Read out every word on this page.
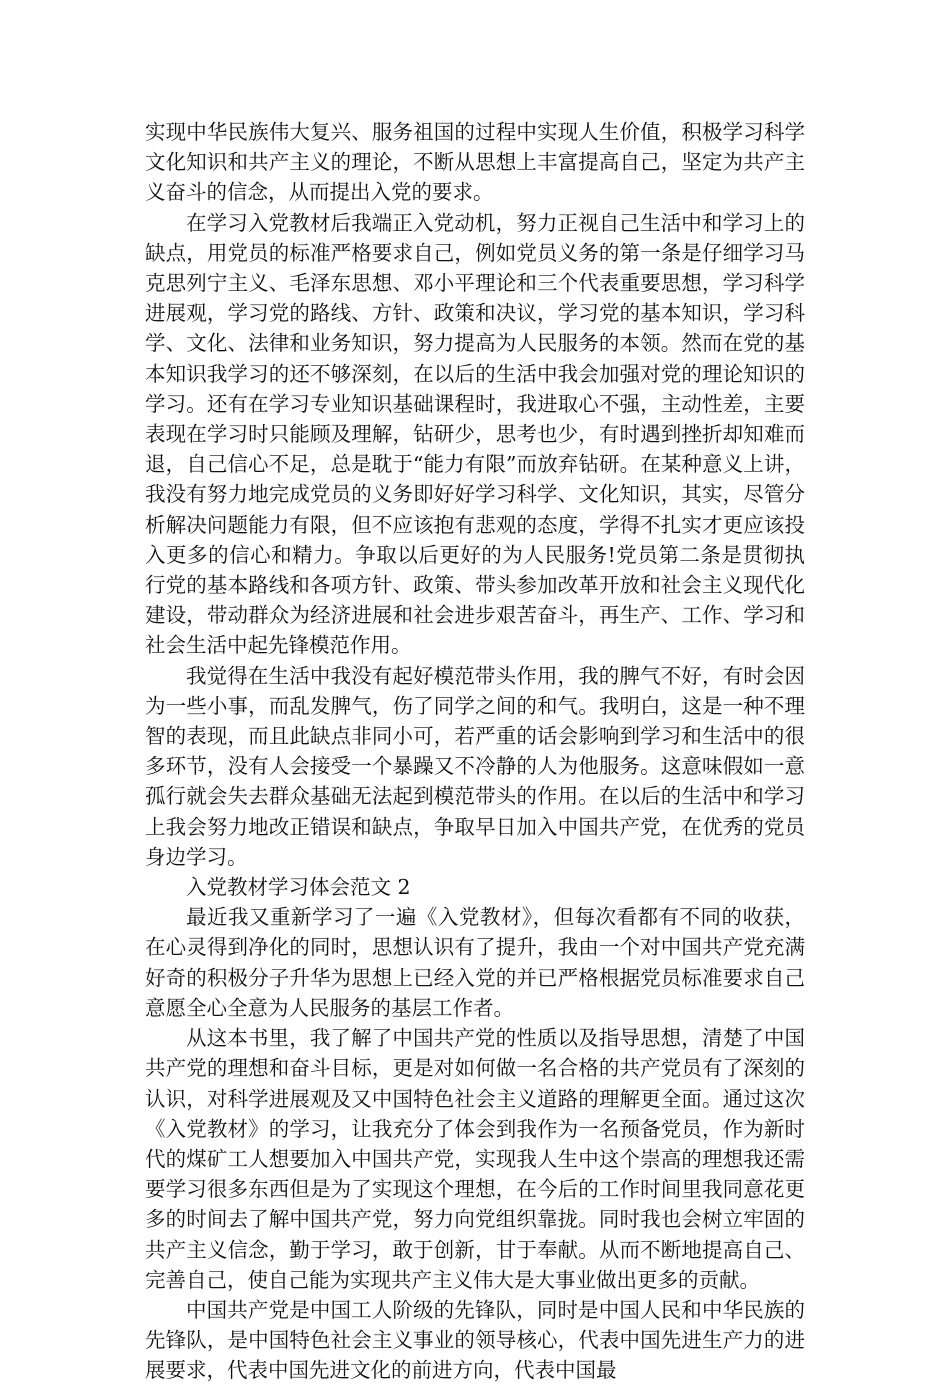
实现中华民族伟大复兴、服务祖国的过程中实现人生价值，积极学习科学文化知识和共产主义的理论，不断从思想上丰富提高自己，坚定为共产主义奋斗的信念，从而提出入党的要求。

在学习入党教材后我端正入党动机，努力正视自己生活中和学习上的缺点，用党员的标准严格要求自己，例如党员义务的第一条是仔细学习马克思列宁主义、毛泽东思想、邓小平理论和三个代表重要思想，学习科学进展观，学习党的路线、方针、政策和决议，学习党的基本知识，学习科学、文化、法律和业务知识，努力提高为人民服务的本领。然而在党的基本知识我学习的还不够深刻，在以后的生活中我会加强对党的理论知识的学习。还有在学习专业知识基础课程时，我进取心不强，主动性差，主要表现在学习时只能顾及理解，钻研少，思考也少，有时遇到挫折却知难而退，自己信心不足，总是耽于“能力有限”而放弃钻研。在某种意义上讲，我没有努力地完成党员的义务即好好学习科学、文化知识，其实，尽管分析解决问题能力有限，但不应该抱有悲观的态度，学得不扎实才更应该投入更多的信心和精力。争取以后更好的为人民服务!党员第二条是贯彻执行党的基本路线和各项方针、政策、带头参加改革开放和社会主义现代化建设，带动群众为经济进展和社会进步艰苦奋斗，再生产、工作、学习和社会生活中起先锋模范作用。

我觉得在生活中我没有起好模范带头作用，我的脾气不好，有时会因为一些小事，而乱发脾气，伤了同学之间的和气。我明白，这是一种不理智的表现，而且此缺点非同小可，若严重的话会影响到学习和生活中的很多环节，没有人会接受一个暴躁又不冷静的人为他服务。这意味假如一意孤行就会失去群众基础无法起到模范带头的作用。在以后的生活中和学习上我会努力地改正错误和缺点，争取早日加入中国共产党，在优秀的党员身边学习。

入党教材学习体会范文 2

最近我又重新学习了一遍《入党教材》，但每次看都有不同的收获，在心灵得到净化的同时，思想认识有了提升，我由一个对中国共产党充满好奇的积极分子升华为思想上已经入党的并已严格根据党员标准要求自己意愿全心全意为人民服务的基层工作者。

从这本书里，我了解了中国共产党的性质以及指导思想，清楚了中国共产党的理想和奋斗目标，更是对如何做一名合格的共产党员有了深刻的认识，对科学进展观及又中国特色社会主义道路的理解更全面。通过这次《入党教材》的学习，让我充分了体会到我作为一名预备党员，作为新时代的煤矿工人想要加入中国共产党，实现我人生中这个崇高的理想我还需要学习很多东西但是为了实现这个理想，在今后的工作时间里我同意花更多的时间去了解中国共产党，努力向党组织靠拢。同时我也会树立牢固的共产主义信念，勤于学习，敢于创新，甘于奉献。从而不断地提高自己、完善自己，使自己能为实现共产主义伟大是大事业做出更多的贡献。

中国共产党是中国工人阶级的先锋队，同时是中国人民和中华民族的先锋队，是中国特色社会主义事业的领导核心，代表中国先进生产力的进展要求，代表中国先进文化的前进方向，代表中国最
